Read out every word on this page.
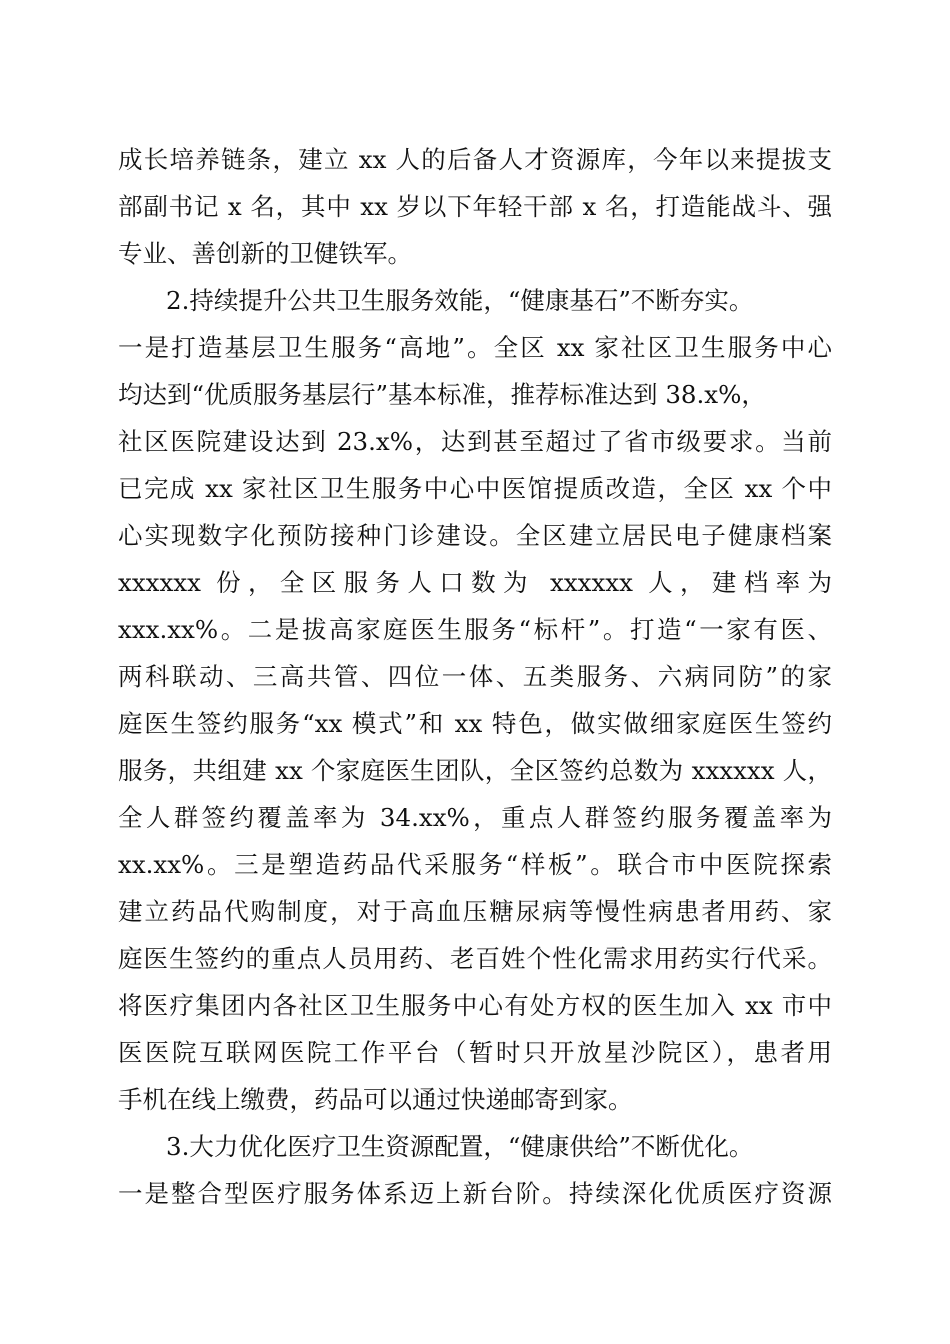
成长培养链条，建立 xx 人的后备人才资源库，今年以来提拔支
部副书记 x 名，其中 xx 岁以下年轻干部 x 名，打造能战斗、强
专业、善创新的卫健铁军。
2.持续提升公共卫生服务效能，“健康基石”不断夯实。
一是打造基层卫生服务“高地”。全区 xx 家社区卫生服务中心
均达到“优质服务基层行”基本标准，推荐标准达到 38.x%，
社区医院建设达到 23.x%，达到甚至超过了省市级要求。当前
已完成 xx 家社区卫生服务中心中医馆提质改造，全区 xx 个中
心实现数字化预防接种门诊建设。全区建立居民电子健康档案
xxxxxx 份，全区服务人口数为 xxxxxx 人，建档率为
xxx.xx%。二是拔高家庭医生服务“标杆”。打造“一家有医、
两科联动、三高共管、四位一体、五类服务、六病同防”的家
庭医生签约服务“xx 模式”和 xx 特色，做实做细家庭医生签约
服务，共组建 xx 个家庭医生团队，全区签约总数为 xxxxxx 人，
全人群签约覆盖率为 34.xx%，重点人群签约服务覆盖率为
xx.xx%。三是塑造药品代采服务“样板”。联合市中医院探索
建立药品代购制度，对于高血压糖尿病等慢性病患者用药、家
庭医生签约的重点人员用药、老百姓个性化需求用药实行代采。
将医疗集团内各社区卫生服务中心有处方权的医生加入 xx 市中
医医院互联网医院工作平台（暂时只开放星沙院区），患者用
手机在线上缴费，药品可以通过快递邮寄到家。
3.大力优化医疗卫生资源配置，“健康供给”不断优化。
一是整合型医疗服务体系迈上新台阶。持续深化优质医疗资源
